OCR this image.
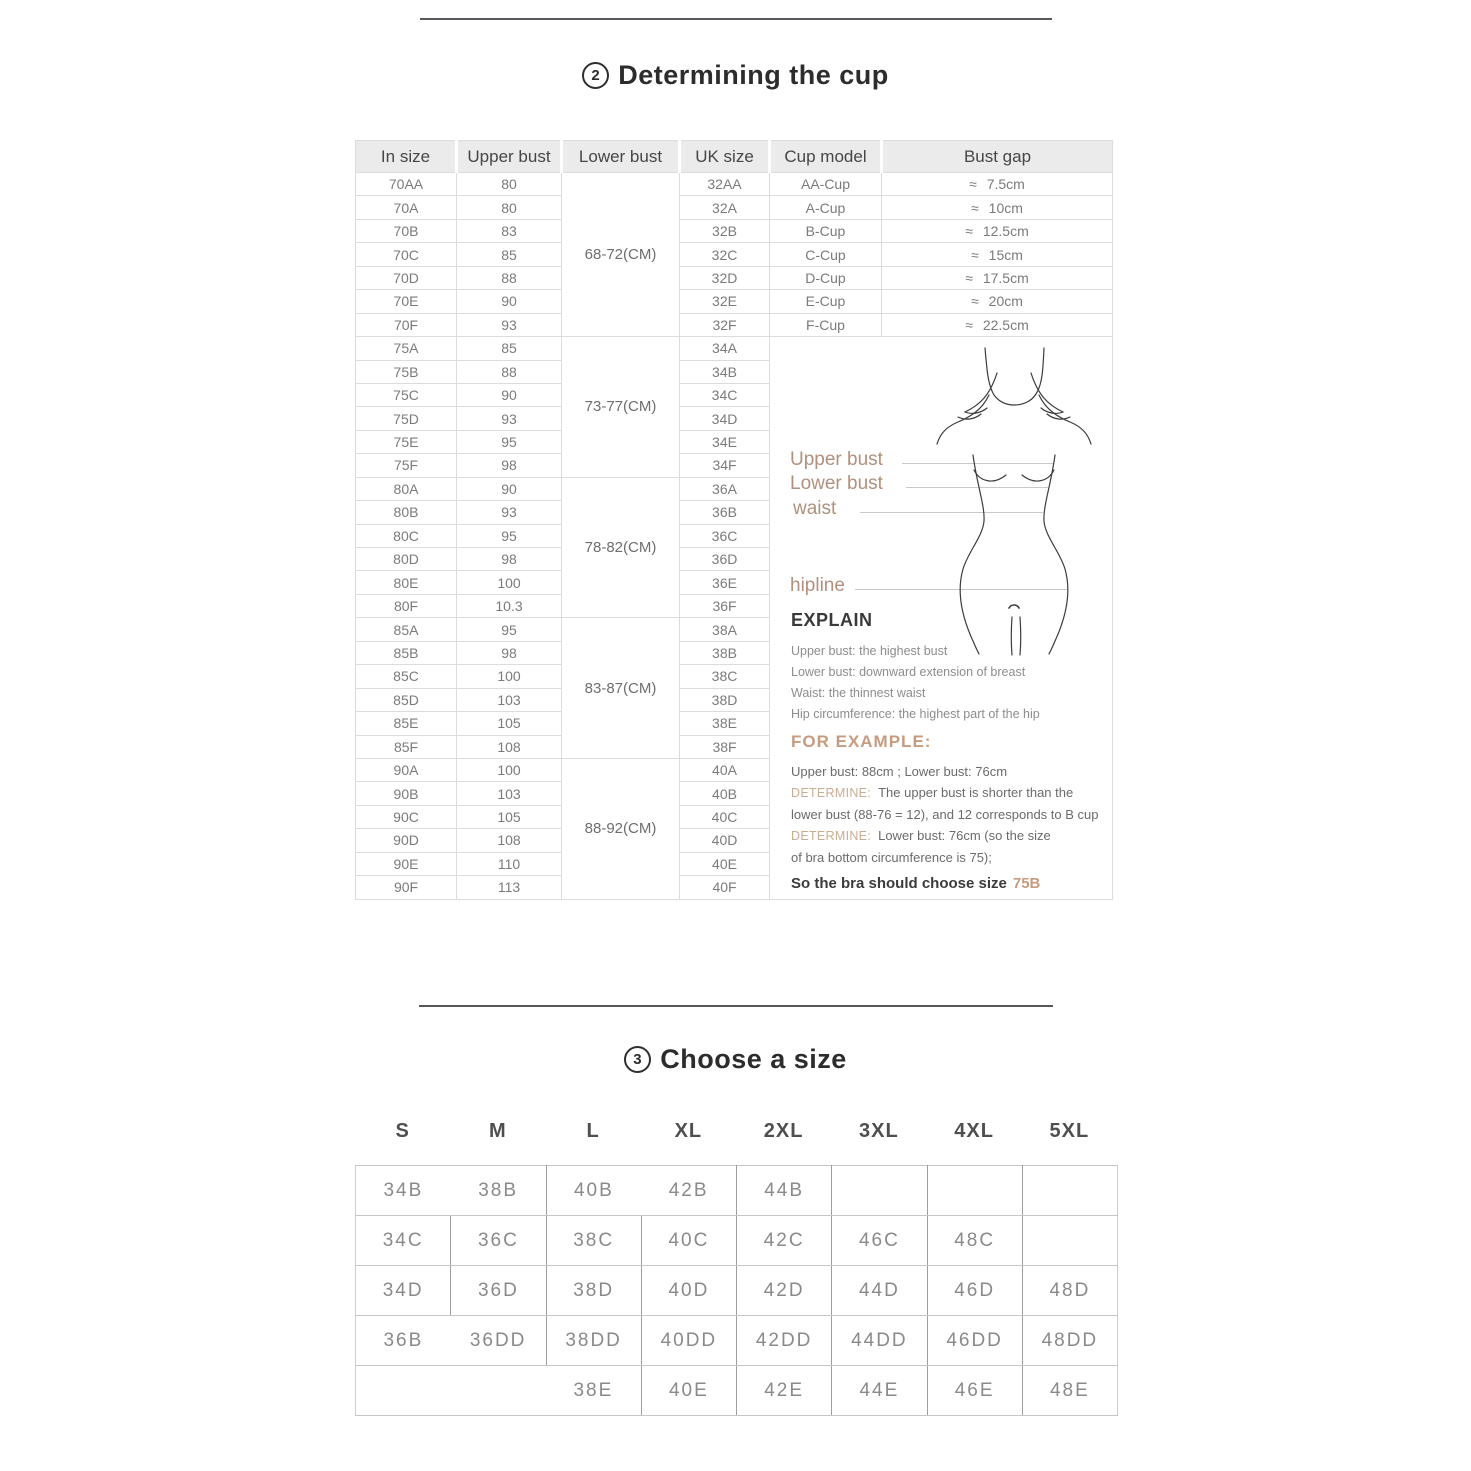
2 Determining the cup
In size	Upper bust	Lower bust	UK size	Cup model	Bust gap
70AA	80	68-72(CM)	32AA	AA-Cup	≈ 7.5cm
70A	80		32A	A-Cup	≈ 10cm
70B	83		32B	B-Cup	≈ 12.5cm
70C	85		32C	C-Cup	≈ 15cm
70D	88		32D	D-Cup	≈ 17.5cm
70E	90		32E	E-Cup	≈ 20cm
70F	93		32F	F-Cup	≈ 22.5cm
75A	85	73-77(CM)	34A		
75B	88		34B		
75C	90		34C		
75D	93		34D		
75E	95		34E		
75F	98		34F		
80A	90	78-82(CM)	36A		
80B	93		36B		
80C	95		36C		
80D	98		36D		
80E	100		36E		
80F	10.3		36F		
85A	95	83-87(CM)	38A		
85B	98		38B		
85C	100		38C		
85D	103		38D		
85E	105		38E		
85F	108		38F		
90A	100	88-92(CM)	40A		
90B	103		40B		
90C	105		40C		
90D	108		40D		
90E	110		40E		
90F	113		40F		
Upper bust
Lower bust
waist
hipline
EXPLAIN
Upper bust: the highest bust
Lower bust: downward extension of breast
Waist: the thinnest waist
Hip circumference: the highest part of the hip
FOR EXAMPLE:
Upper bust: 88cm ; Lower bust: 76cm
DETERMINE: The upper bust is shorter than the
lower bust (88-76 = 12), and 12 corresponds to B cup
DETERMINE: Lower bust: 76cm (so the size
of bra bottom circumference is 75);
So the bra should choose size 75B
3 Choose a size
S	M	L	XL	2XL	3XL	4XL	5XL
34B	38B	40B	42B	44B			
34C	36C	38C	40C	42C	46C	48C	
34D	36D	38D	40D	42D	44D	46D	48D
36B	36DD	38DD	40DD	42DD	44DD	46DD	48DD
		38E	40E	42E	44E	46E	48E
